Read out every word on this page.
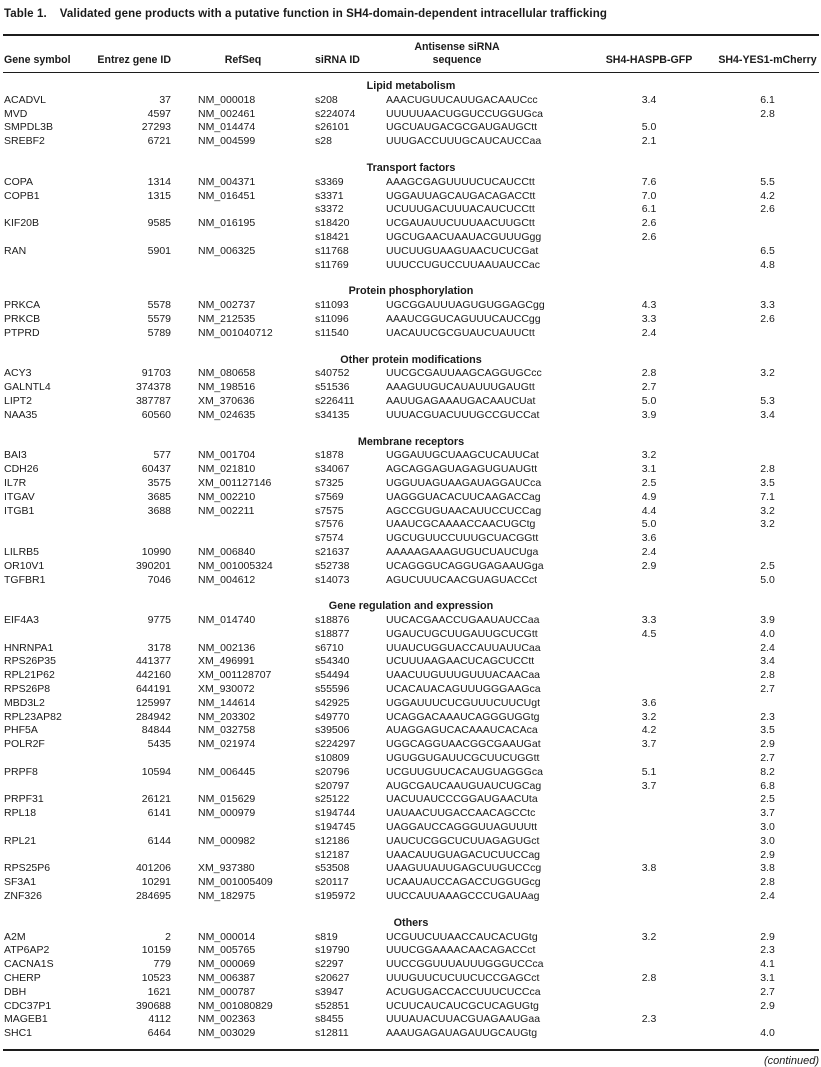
Table 1. Validated gene products with a putative function in SH4-domain-dependent intracellular trafficking
Gene symbol	Entrez gene ID	RefSeq	siRNA ID	Antisense siRNA sequence	SH4-HASPB-GFP	SH4-YES1-mCherry
Lipid metabolism						
ACADVL	37	NM_000018	s208	AAACUGUUCAUUGACAAUCcc	3.4	6.1
MVD	4597	NM_002461	s224074	UUUUUAACUGGUCCUGGUGca		2.8
SMPDL3B	27293	NM_014474	s26101	UGCUAUGACGCGAUGAUGCtt	5.0	
SREBF2	6721	NM_004599	s28	UUUGACCUUUGCAUCAUCCaa	2.1	
Transport factors						
COPA	1314	NM_004371	s3369	AAAGCGAGUUUUCUCAUCCtt	7.6	5.5
COPB1	1315	NM_016451	s3371	UGGAUUAGCAUGACAGACCtt	7.0	4.2
			s3372	UCUUUGACUUUACAUCUCCtt	6.1	2.6
KIF20B	9585	NM_016195	s18420	UCGAUAUUCUUUAACUUGCtt	2.6	
			s18421	UGCUGAACUAAUACGUUUGgg	2.6	
RAN	5901	NM_006325	s11768	UUCUUGUAAGUAACUCUCGat		6.5
			s11769	UUUCCUGUCCUUAAUAUCCac		4.8
Protein phosphorylation						
PRKCA	5578	NM_002737	s11093	UGCGGAUUUAGUGUGGAGCgg	4.3	3.3
PRKCB	5579	NM_212535	s11096	AAAUCGGUCAGUUUCAUCCgg	3.3	2.6
PTPRD	5789	NM_001040712	s11540	UACAUUCGCGUAUCUAUUCtt	2.4	
Other protein modifications						
ACY3	91703	NM_080658	s40752	UUCGCGAUUAAGCAGGUGCcc	2.8	3.2
GALNTL4	374378	NM_198516	s51536	AAAGUUGUCAUAUUUGAUGtt	2.7	
LIPT2	387787	XM_370636	s226411	AAUUGAGAAAUGACAAUCUat	5.0	5.3
NAA35	60560	NM_024635	s34135	UUUACGUACUUUGCCGUCCat	3.9	3.4
Membrane receptors						
BAI3	577	NM_001704	s1878	UGGAUUGCUAAGCUCAUUCat	3.2	
CDH26	60437	NM_021810	s34067	AGCAGGAGUAGAGUGUAUGtt	3.1	2.8
IL7R	3575	XM_001127146	s7325	UGGUUAGUAAGAUAGGAUCca	2.5	3.5
ITGAV	3685	NM_002210	s7569	UAGGGUACACUUCAAGACCag	4.9	7.1
ITGB1	3688	NM_002211	s7575	AGCCGUGUAACAUUCCUCCag	4.4	3.2
			s7576	UAAUCGCAAAACCAACUGCtg	5.0	3.2
			s7574	UGCUGUUCCUUUGCUACGGtt	3.6	
LILRB5	10990	NM_006840	s21637	AAAAAGAAAGUGUCUAUCUga	2.4	
OR10V1	390201	NM_001005324	s52738	UCAGGGUCAGGUGAGAAUGga	2.9	2.5
TGFBR1	7046	NM_004612	s14073	AGUCUUUCAACGUAGUACCct		5.0
Gene regulation and expression						
EIF4A3	9775	NM_014740	s18876	UUCACGAACCUGAAUAUCCaa	3.3	3.9
			s18877	UGAUCUGCUUGAUUGCUCGtt	4.5	4.0
HNRNPA1	3178	NM_002136	s6710	UUAUCUGGUACCAUUAUUCaa		2.4
RPS26P35	441377	XM_496991	s54340	UCUUUAAGAACUCAGCUCCtt		3.4
RPL21P62	442160	XM_001128707	s54494	UAACUUGUUUGUUUACAACaa		2.8
RPS26P8	644191	XM_930072	s55596	UCACAUACAGUUUGGGAAGca		2.7
MBD3L2	125997	NM_144614	s42925	UGGAUUUCUCGUUUCUUCUgt	3.6	
RPL23AP82	284942	NM_203302	s49770	UCAGGACAAAUCAGGGUGGtg	3.2	2.3
PHF5A	84844	NM_032758	s39506	AUAGGAGUCACAAAUCACAca	4.2	3.5
POLR2F	5435	NM_021974	s224297	UGGCAGGUAACGGCGAAUGat	3.7	2.9
			s10809	UGUGGUGAUUCGCUUCUGGtt		2.7
PRPF8	10594	NM_006445	s20796	UCGUUGUUCACAUGUAGGGca	5.1	8.2
			s20797	AUGCGAUCAAUGUAUCUGCag	3.7	6.8
PRPF31	26121	NM_015629	s25122	UACUUAUCCCGGAUGAACUta		2.5
RPL18	6141	NM_000979	s194744	UAUAACUUGACCAACAGCCtc		3.7
			s194745	UAGGAUCCAGGGUUAGUUUtt		3.0
RPL21	6144	NM_000982	s12186	UAUCUCGGCUCUUAGAGUGct		3.0
			s12187	UAACAUUGUAGACUCUUCCag		2.9
RPS25P6	401206	XM_937380	s53508	UAAGUUAUUGAGCUUGUCCcg	3.8	3.8
SF3A1	10291	NM_001005409	s20117	UCAAUAUCCAGACCUGGUGcg		2.8
ZNF326	284695	NM_182975	s195972	UUCCAUUAAAGCCCUGAUAag		2.4
Others						
A2M	2	NM_000014	s819	UCGUUCUUAACCAUCACUGtg	3.2	2.9
ATP6AP2	10159	NM_005765	s19790	UUUCGGAAAACAACAGACCct		2.3
CACNA1S	779	NM_000069	s2297	UUCCGGUUUAUUUGGGUCCca		4.1
CHERP	10523	NM_006387	s20627	UUUGUUCUCUUCUCCGAGCct	2.8	3.1
DBH	1621	NM_000787	s3947	ACUGUGACCACCUUUCUCCca		2.7
CDC37P1	390688	NM_001080829	s52851	UCUUCAUCAUCGCUCAGUGtg		2.9
MAGEB1	4112	NM_002363	s8455	UUUAUACUUACGUAGAAUGaa	2.3	
SHC1	6464	NM_003029	s12811	AAAUGAGAUAGAUUGCAUGtg		4.0
(continued)
